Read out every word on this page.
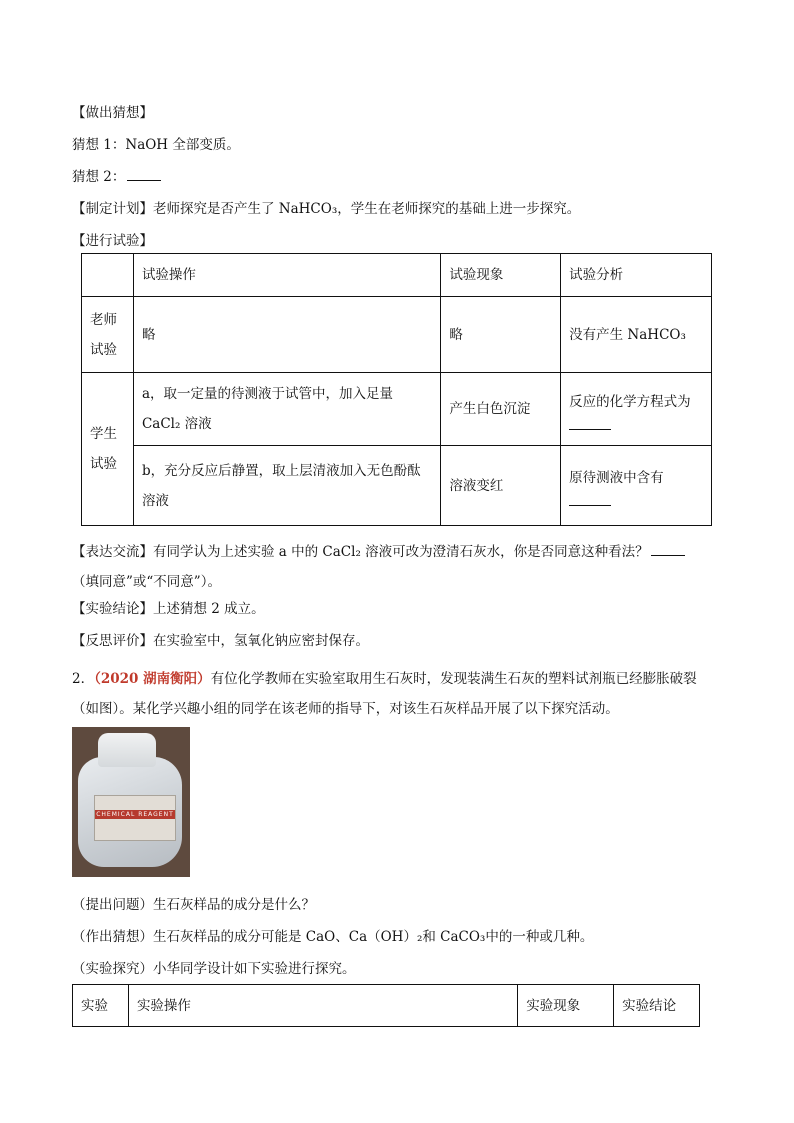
【做出猜想】
猜想 1：NaOH 全部变质。
猜想 2：
【制定计划】老师探究是否产生了 NaHCO₃，学生在老师探究的基础上进一步探究。
【进行试验】
	试验操作	试验现象	试验分析
老师试验	略	略	没有产生 NaHCO₃
学生试验	a，取一定量的待测液于试管中，加入足量 CaCl₂ 溶液	产生白色沉淀	反应的化学方程式为

	b，充分反应后静置，取上层清液加入无色酚酞溶液	溶液变红	原待测液中含有
【表达交流】有同学认为上述实验 a 中的 CaCl₂ 溶液可改为澄清石灰水，你是否同意这种看法？（填同意”或“不同意”）。
【实验结论】上述猜想 2 成立。
【反思评价】在实验室中，氢氧化钠应密封保存。
2．（2020 湖南衡阳）有位化学教师在实验室取用生石灰时，发现装满生石灰的塑料试剂瓶已经膨胀破裂（如图）。某化学兴趣小组的同学在该老师的指导下，对该生石灰样品开展了以下探究活动。
CHEMICAL REAGENT
（提出问题）生石灰样品的成分是什么？
（作出猜想）生石灰样品的成分可能是 CaO、Ca（OH）₂和 CaCO₃中的一种或几种。
（实验探究）小华同学设计如下实验进行探究。
实验	实验操作	实验现象	实验结论
